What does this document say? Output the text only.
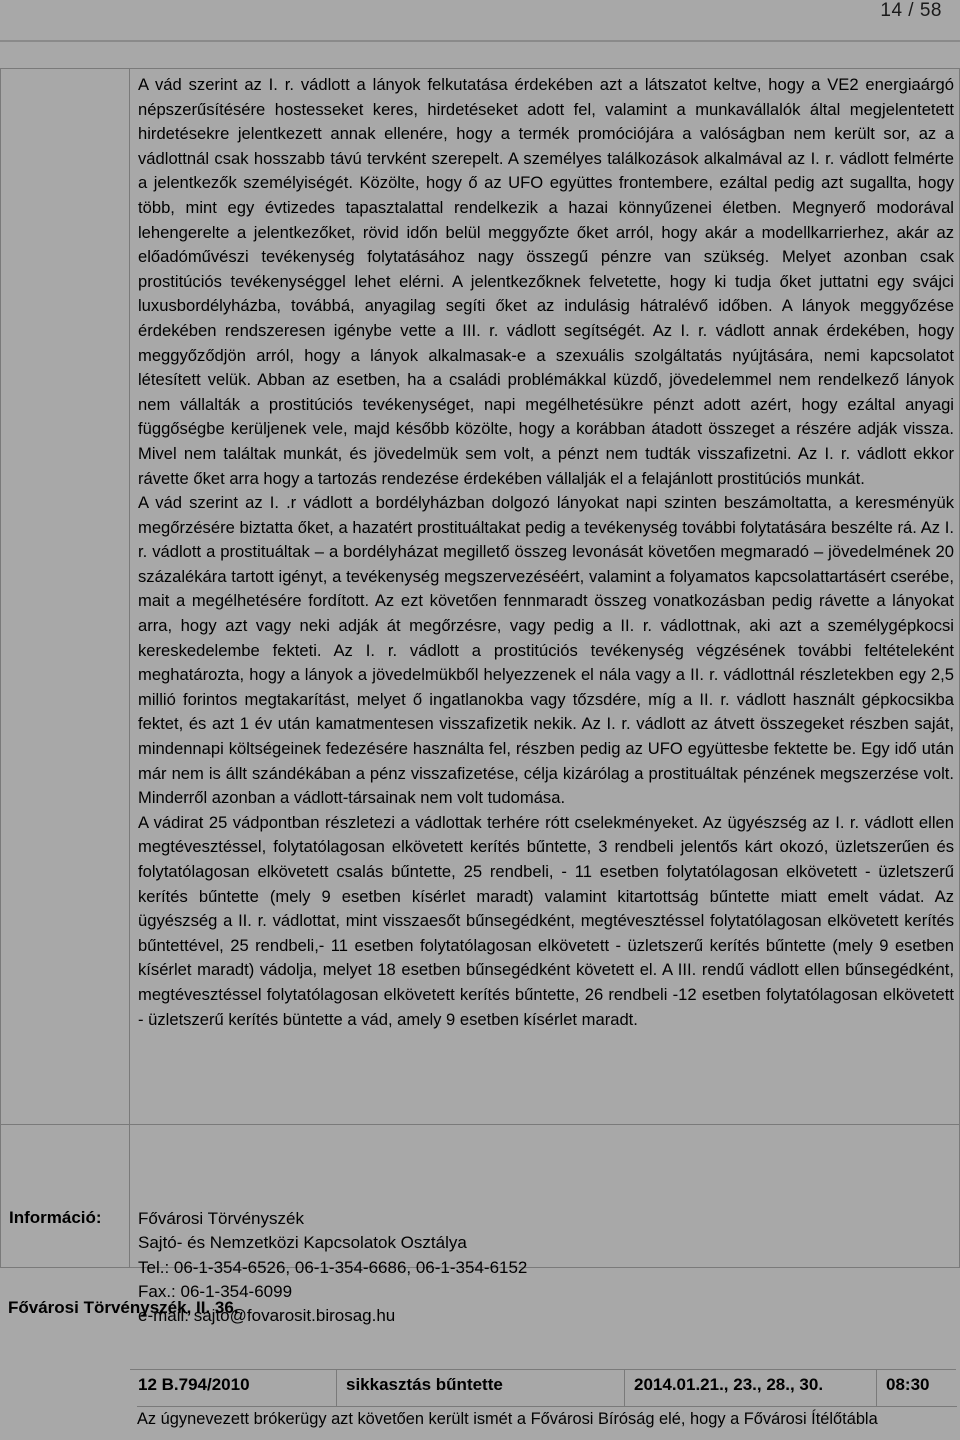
14 / 58

A vád szerint az I. r. vádlott a lányok felkutatása érdekében azt a látszatot keltve, hogy a VE2 energiaárgó népszerűsítésére hostesseket keres, hirdetéseket adott fel, valamint a munkavállalók által megjelentetett hirdetésekre jelentkezett annak ellenére, hogy a termék promóciójára a valóságban nem került sor, az a vádlottnál csak hosszabb távú tervként szerepelt. A személyes találkozások alkalmával az I. r. vádlott felmérte a jelentkezők személyiségét. Közölte, hogy ő az UFO együttes frontembere, ezáltal pedig azt sugallta, hogy több, mint egy évtizedes tapasztalattal rendelkezik a hazai könnyűzenei életben. Megnyerő modorával lehengerelte a jelentkezőket, rövid időn belül meggyőzte őket arról, hogy akár a modellkarrierhez, akár az előadóművészi tevékenység folytatásához nagy összegű pénzre van szükség. Melyet azonban csak prostitúciós tevékenységgel lehet elérni. A jelentkezőknek felvetette, hogy ki tudja őket juttatni egy svájci luxusbordélyházba, továbbá, anyagilag segíti őket az indulásig hátralévő időben. A lányok meggyőzése érdekében rendszeresen igénybe vette a III. r. vádlott segítségét. Az I. r. vádlott annak érdekében, hogy meggyőződjön arról, hogy a lányok alkalmasak-e a szexuális szolgáltatás nyújtására, nemi kapcsolatot létesített velük. Abban az esetben, ha a családi problémákkal küzdő, jövedelemmel nem rendelkező lányok nem vállalták a prostitúciós tevékenységet, napi megélhetésükre pénzt adott azért, hogy ezáltal anyagi függőségbe kerüljenek vele, majd később közölte, hogy a korábban átadott összeget a részére adják vissza. Mivel nem találtak munkát, és jövedelmük sem volt, a pénzt nem tudták visszafizetni. Az I. r. vádlott ekkor rávette őket arra hogy a tartozás rendezése érdekében vállalják el a felajánlott prostitúciós munkát.

A vád szerint az I. .r vádlott a bordélyházban dolgozó lányokat napi szinten beszámoltatta, a keresményük megőrzésére biztatta őket, a hazatért prostituáltakat pedig a tevékenység további folytatására beszélte rá. Az I. r. vádlott a prostituáltak – a bordélyházat megillető összeg levonását követően megmaradó – jövedelmének 20 százalékára tartott igényt, a tevékenység megszervezéséért, valamint a folyamatos kapcsolattartásért cserébe, mait a megélhetésére fordított. Az ezt követően fennmaradt összeg vonatkozásban pedig rávette a lányokat arra, hogy azt vagy neki adják át megőrzésre, vagy pedig a II. r. vádlottnak, aki azt a személygépkocsi kereskedelembe fekteti. Az I. r. vádlott a prostitúciós tevékenység végzésének további feltételeként meghatározta, hogy a lányok a jövedelmükből helyezzenek el nála vagy a II. r. vádlottnál részletekben egy 2,5 millió forintos megtakarítást, melyet ő ingatlanokba vagy tőzsdére, míg a II. r. vádlott használt gépkocsikba fektet, és azt 1 év után kamatmentesen visszafizetik nekik. Az I. r. vádlott az átvett összegeket részben saját, mindennapi költségeinek fedezésére használta fel, részben pedig az UFO együttesbe fektette be. Egy idő után már nem is állt szándékában a pénz visszafizetése, célja kizárólag a prostituáltak pénzének megszerzése volt. Minderről azonban a vádlott-társainak nem volt tudomása.

A vádirat 25 vádpontban részletezi a vádlottak terhére rótt cselekményeket. Az ügyészség az I. r. vádlott ellen megtévesztéssel, folytatólagosan elkövetett kerítés bűntette, 3 rendbeli jelentős kárt okozó, üzletszerűen és folytatólagosan elkövetett csalás bűntette, 25 rendbeli, - 11 esetben folytatólagosan elkövetett - üzletszerű kerítés bűntette (mely 9 esetben kísérlet maradt) valamint kitartottság bűntette miatt emelt vádat. Az ügyészség a II. r. vádlottat, mint visszaesőt bűnsegédként, megtévesztéssel folytatólagosan elkövetett kerítés bűntettével, 25 rendbeli,- 11 esetben folytatólagosan elkövetett - üzletszerű kerítés bűntette (mely 9 esetben kísérlet maradt) vádolja, melyet 18 esetben bűnsegédként követett el. A III. rendű vádlott ellen bűnsegédként, megtévesztéssel folytatólagosan elkövetett kerítés bűntette, 26 rendbeli -12 esetben folytatólagosan elkövetett - üzletszerű kerítés büntette a vád, amely 9 esetben kísérlet maradt.

Információ: Fővárosi Törvényszék
Sajtó- és Nemzetközi Kapcsolatok Osztálya
Tel.: 06-1-354-6526, 06-1-354-6686, 06-1-354-6152
Fax.: 06-1-354-6099
e-mail: sajto@fovarosit.birosag.hu
Fővárosi Törvényszék, II. 36.
12 B.794/2010	sikkasztás bűntette	2014.01.21., 23., 28., 30.	08:30
Az úgynevezett brókerügy azt követően került ismét a Fővárosi Bíróság elé, hogy a Fővárosi Ítélőtábla
